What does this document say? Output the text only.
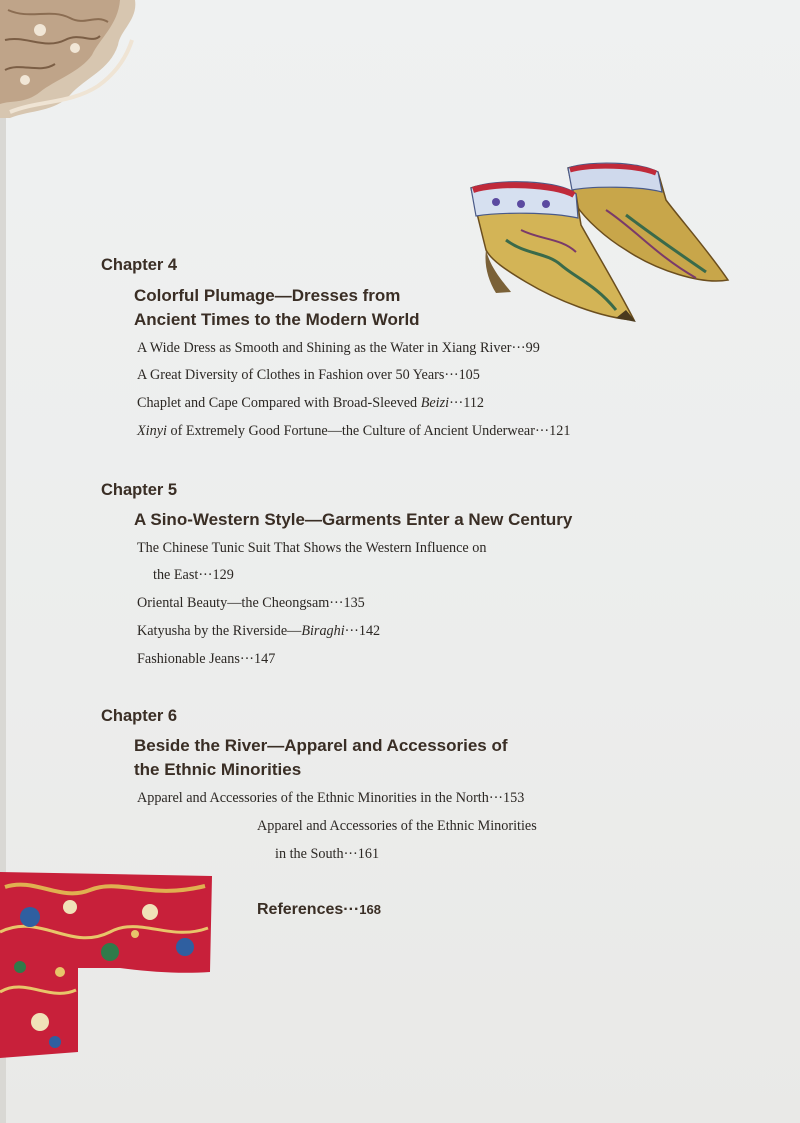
Chapter 4
Colorful Plumage—Dresses from
Ancient Times to the Modern World
A Wide Dress as Smooth and Shining as the Water in Xiang River···99
A Great Diversity of Clothes in Fashion over 50 Years···105
Chaplet and Cape Compared with Broad-Sleeved Beizi···112
Xinyi of Extremely Good Fortune—the Culture of Ancient Underwear···121
Chapter 5
A Sino-Western Style—Garments Enter a New Century
The Chinese Tunic Suit That Shows the Western Influence on
the East···129
Oriental Beauty—the Cheongsam···135
Katyusha by the Riverside—Biraghi···142
Fashionable Jeans···147
Chapter 6
Beside the River—Apparel and Accessories of
the Ethnic Minorities
Apparel and Accessories of the Ethnic Minorities in the North···153
Apparel and Accessories of the Ethnic Minorities
in the South···161
References···168
